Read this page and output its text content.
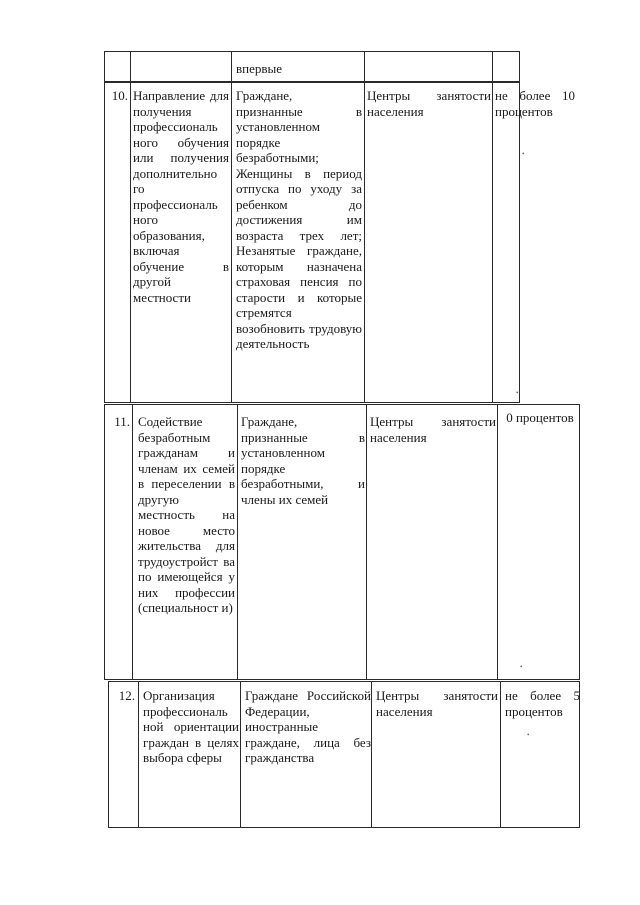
впервые
10. Направление для получения профессиональ ного обучения или получения дополнительно го профессиональ ного образования, включая обучение в другой местности
Граждане, признанные в установленном порядке безработными; Женщины в период отпуска по уходу за ребенком до достижения им возраста трех лет; Незанятые граждане, которым назначена страховая пенсия по старости и которые стремятся возобновить трудовую деятельность
Центры занятости населения
не более 10 процентов
11. Содействие безработным гражданам и членам их семей в переселении в другую местность на новое место жительства для трудоустройст ва по имеющейся у них профессии (специальност и)
Граждане, признанные в установленном порядке безработными, и члены их семей
Центры занятости населения
0 процентов
12. Организация профессиональ ной ориентации граждан в целях выбора сферы
Граждане Российской Федерации, иностранные граждане, лица без гражданства
Центры занятости населения
не более 5 процентов
•
•
•
•
